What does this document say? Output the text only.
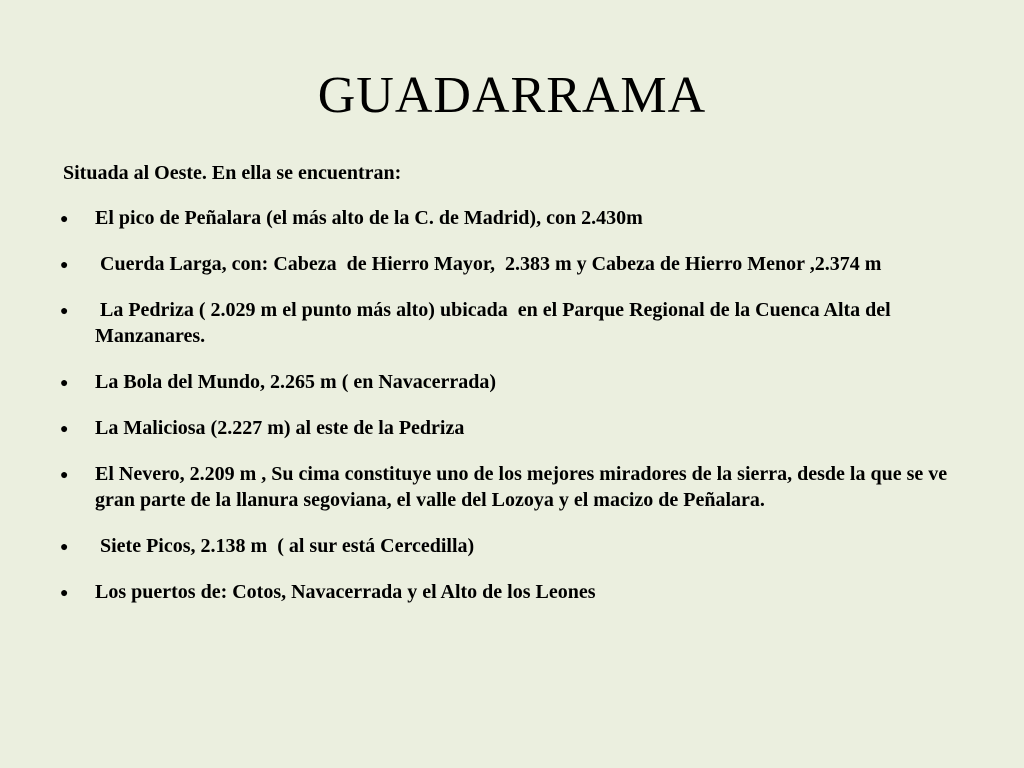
GUADARRAMA
Situada al Oeste. En ella se encuentran:
● El pico de Peñalara (el más alto de la C. de Madrid), con 2.430m
● Cuerda Larga, con: Cabeza  de Hierro Mayor,  2.383 m y Cabeza de Hierro Menor ,2.374 m
● La Pedriza ( 2.029 m el punto más alto) ubicada  en el Parque Regional de la Cuenca Alta del Manzanares.
● La Bola del Mundo, 2.265 m ( en Navacerrada)
● La Maliciosa (2.227 m) al este de la Pedriza
● El Nevero, 2.209 m , Su cima constituye uno de los mejores miradores de la sierra, desde la que se ve gran parte de la llanura segoviana, el valle del Lozoya y el macizo de Peñalara.
● Siete Picos, 2.138 m  ( al sur está Cercedilla)
● Los puertos de: Cotos, Navacerrada y el Alto de los Leones
